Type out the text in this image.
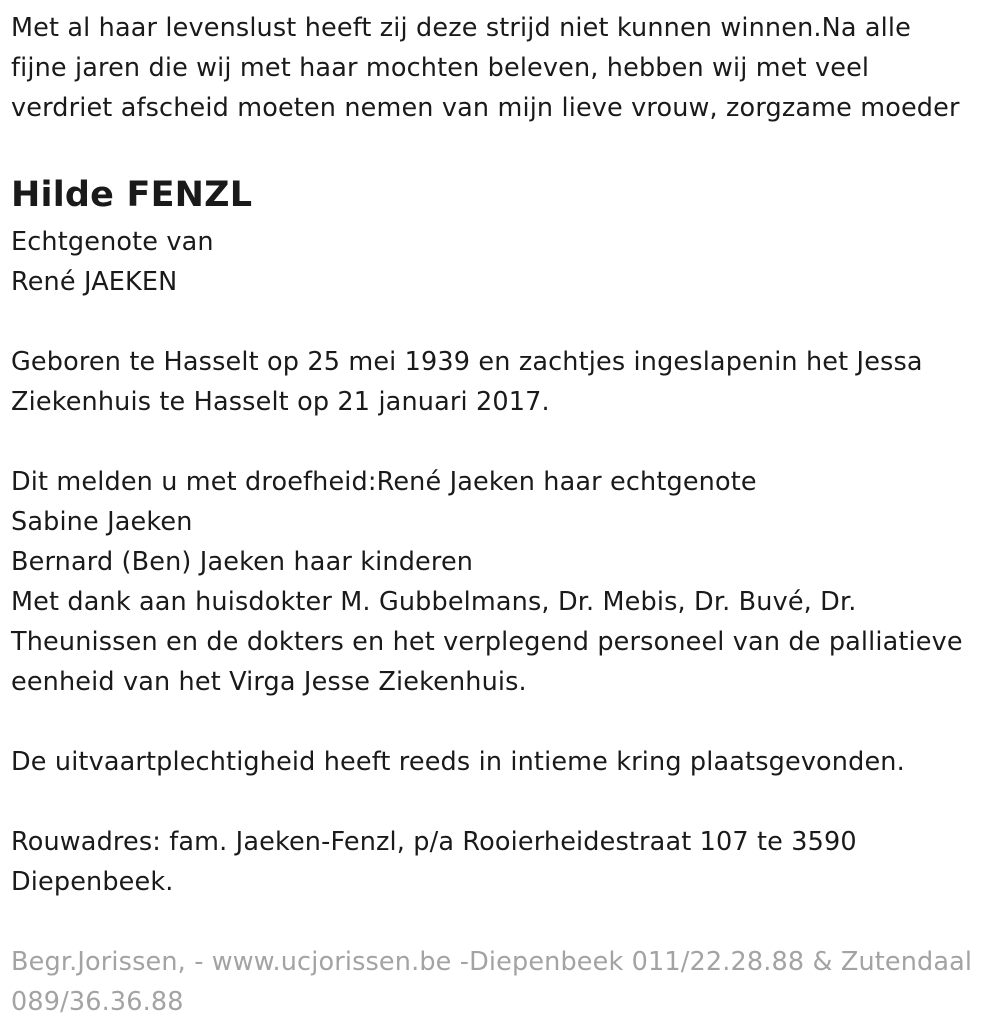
Met al haar levenslust heeft zij deze strijd niet kunnen winnen.Na alle
fijne jaren die wij met haar mochten beleven, hebben wij met veel
verdriet afscheid moeten nemen van mijn lieve vrouw, zorgzame moeder
Hilde FENZL
Echtgenote van
René JAEKEN
Geboren te Hasselt op 25 mei 1939 en zachtjes ingeslapenin het Jessa
Ziekenhuis te Hasselt op 21 januari 2017.
Dit melden u met droefheid:René Jaeken haar echtgenote
Sabine Jaeken
Bernard (Ben) Jaeken haar kinderen
Met dank aan huisdokter M. Gubbelmans, Dr. Mebis, Dr. Buvé, Dr.
Theunissen en de dokters en het verplegend personeel van de palliatieve
eenheid van het Virga Jesse Ziekenhuis.
De uitvaartplechtigheid heeft reeds in intieme kring plaatsgevonden.
Rouwadres: fam. Jaeken-Fenzl, p/a Rooierheidestraat 107 te 3590
Diepenbeek.
Begr.Jorissen, - www.ucjorissen.be -Diepenbeek 011/22.28.88 & Zutendaal
089/36.36.88
